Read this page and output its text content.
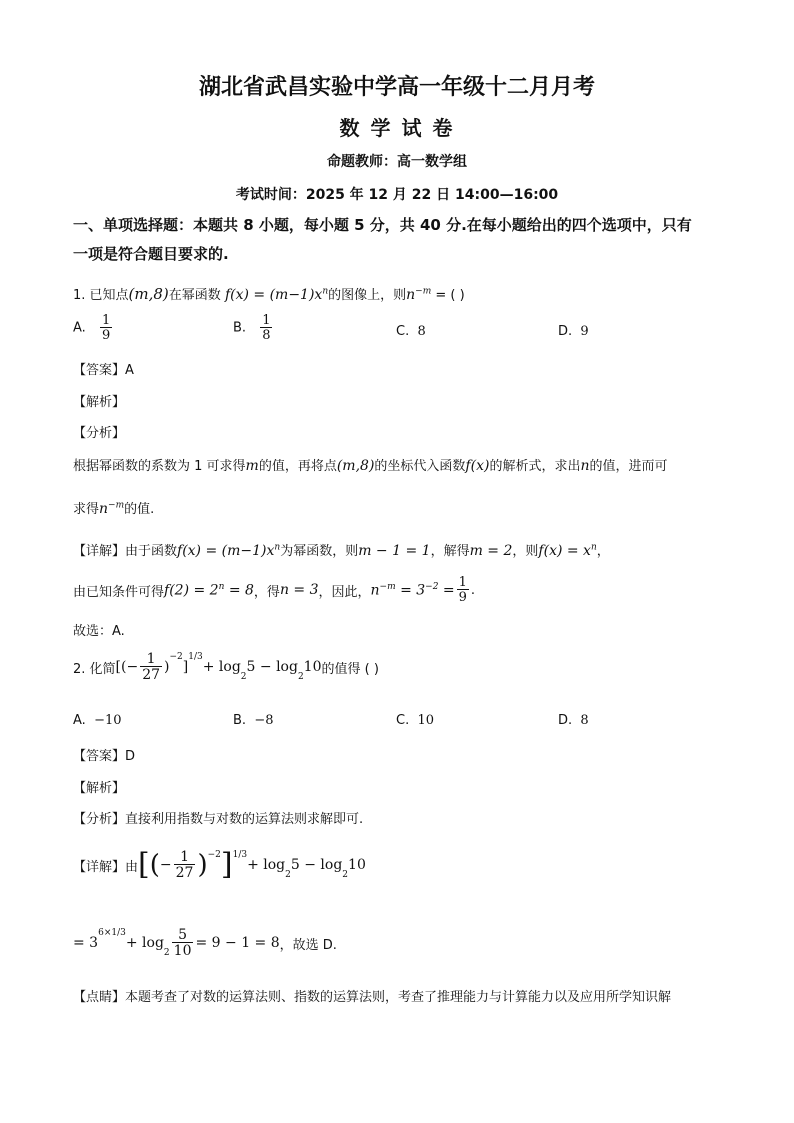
湖北省武昌实验中学高一年级十二月月考
数 学 试 卷
命题教师：高一数学组
考试时间：2025 年 12 月 22 日 14:00—16:00
一、单项选择题：本题共 8 小题，每小题 5 分，共 40 分.在每小题给出的四个选项中，只有
一项是符合题目要求的.
1. 已知点(m,8)在幂函数 $f(x) = (m-1)x^n$的图像上，则$n^{-m}$ = ( )
A. $\frac{1}{9}$	B. $\frac{1}{8}$	C. 8	D. 9
【答案】A
【解析】
【分析】
根据幂函数的系数为 1 可求得m的值，再将点(m,8)的坐标代入函数f(x)的解析式，求出n的值，进而可
求得$n^{-m}$的值.
【详解】由于函数$f(x) = (m-1)x^n$为幂函数，则m − 1 = 1，解得m = 2，则$f(x) = x^n$，
由已知条件可得 $f(2) = 2^n = 8$ ，得 n = 3 ，因此， $n^{-m} = 3^{-2} = \frac{1}{9}$ .
故选：A.
2. 化简 [(− $\frac{1}{27}$ )
$^{-2}$
]
$^{1/3}$
+ log
$_2$
5 − log
$_2$
10 的值得 ( )
A. −10	B. −8	C. 10	D. 8
【答案】D
【解析】
【分析】直接利用指数与对数的运算法则求解即可.
【详解】由 [ ( − $\frac{1}{27} )^{-2}$ ]$^{1/3}$
+ log
$_2$
5 − log
$_2$
10
= 3
$^{6\times 1/3}$
+ log
$_2 \frac{5}{10} = 9 - 1 = 8$ ，故选 D.
【点睛】本题考查了对数的运算法则、指数的运算法则，考查了推理能力与计算能力以及应用所学知识解
